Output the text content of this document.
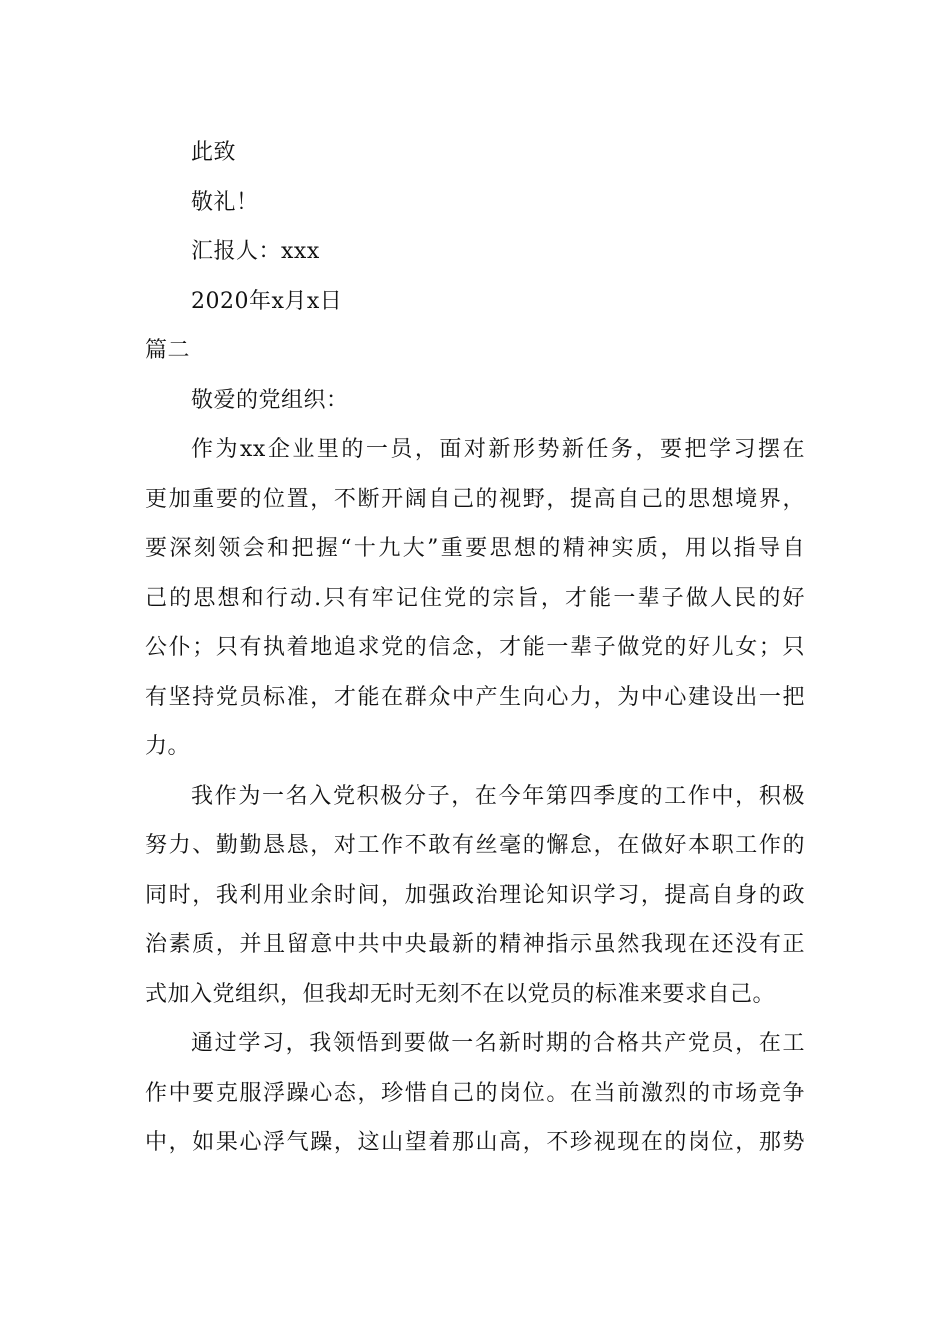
此致
敬礼！
汇报人：xxx
2020年x月x日
篇二
敬爱的党组织：

作为xx企业里的一员，面对新形势新任务，要把学习摆在
更加重要的位置，不断开阔自己的视野，提高自己的思想境界，
要深刻领会和把握“十九大”重要思想的精神实质，用以指导自
己的思想和行动.只有牢记住党的宗旨，才能一辈子做人民的好
公仆；只有执着地追求党的信念，才能一辈子做党的好儿女；只
有坚持党员标准，才能在群众中产生向心力，为中心建设出一把
力。

我作为一名入党积极分子，在今年第四季度的工作中，积极
努力、勤勤恳恳，对工作不敢有丝毫的懈怠，在做好本职工作的
同时，我利用业余时间，加强政治理论知识学习，提高自身的政
治素质，并且留意中共中央最新的精神指示虽然我现在还没有正
式加入党组织，但我却无时无刻不在以党员的标准来要求自己。

通过学习，我领悟到要做一名新时期的合格共产党员，在工
作中要克服浮躁心态，珍惜自己的岗位。在当前激烈的市场竞争
中，如果心浮气躁，这山望着那山高，不珍视现在的岗位，那势
